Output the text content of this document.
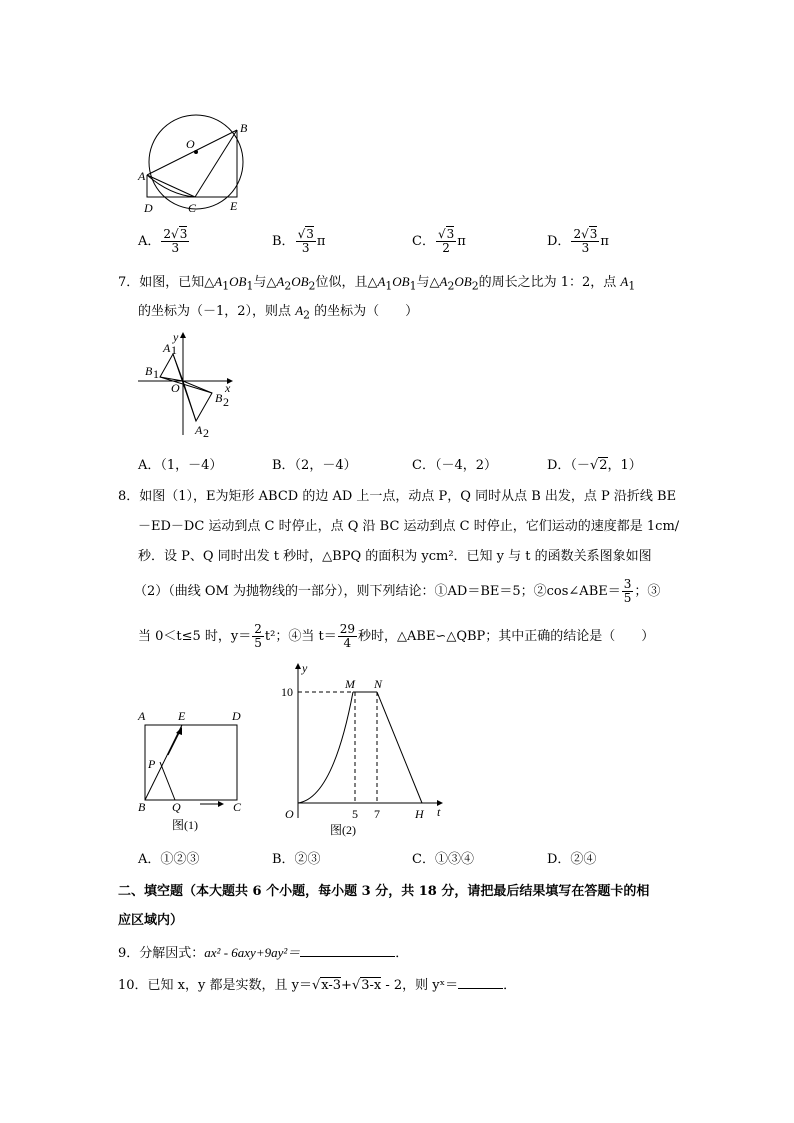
A
B
C
D	E
O
A． $\frac{2√3}{3}$	B． $\frac{√3}{3}$ π	C． $\frac{√3}{2}$ π	D． $\frac{2√3}{3}$ π
7．如图，已知$\triangle A_1OB_1$与$\triangle A_2OB_2$位似，且$\triangle A_1OB_1$与$\triangle A_2OB_2$的周长之比为 1：2，点 $A_1$
的坐标为（－1，2），则点 $A_2$ 的坐标为（　　）
y
x
A 1
B 1
O
B 2
A 2
A．（1，－4）	B．（2，－4）	C．（－4，2）	D．（－√2，1）
8．如图（1），E为矩形 ABCD 的边 AD 上一点，动点 P，Q 同时从点 B 出发，点 P 沿折线 BE
－ED－DC 运动到点 C 时停止，点 Q 沿 BC 运动到点 C 时停止，它们运动的速度都是 1cm/
秒．设 P、Q 同时出发 t 秒时，△BPQ 的面积为 ycm²．已知 y 与 t 的函数关系图象如图
（2）（曲线 OM 为抛物线的一部分），则下列结论：①AD＝BE＝5；②cos∠ABE＝ $\frac{3}{5}$ ；③
当 0＜t≤5 时，$y= \frac{2}{5} t^2$；④当 $t= \frac{29}{4}$ 秒时，△ABE∽△QBP；其中正确的结论是（　　）
A	E	D
P
B Q	C
图(1)
y
10
M N
O	5 7	H t
图(2)
A．①②③	B．②③	C．①③④	D．②④
二、填空题（本大题共 6 个小题，每小题 3 分，共 18 分，请把最后结果填写在答题卡的相
应区域内）
9．分解因式：ax² - 6axy+9ay²＝	．
10．已知 x，y 都是实数，且 y＝√x-3+√3-x - 2，则 yˣ＝	．
